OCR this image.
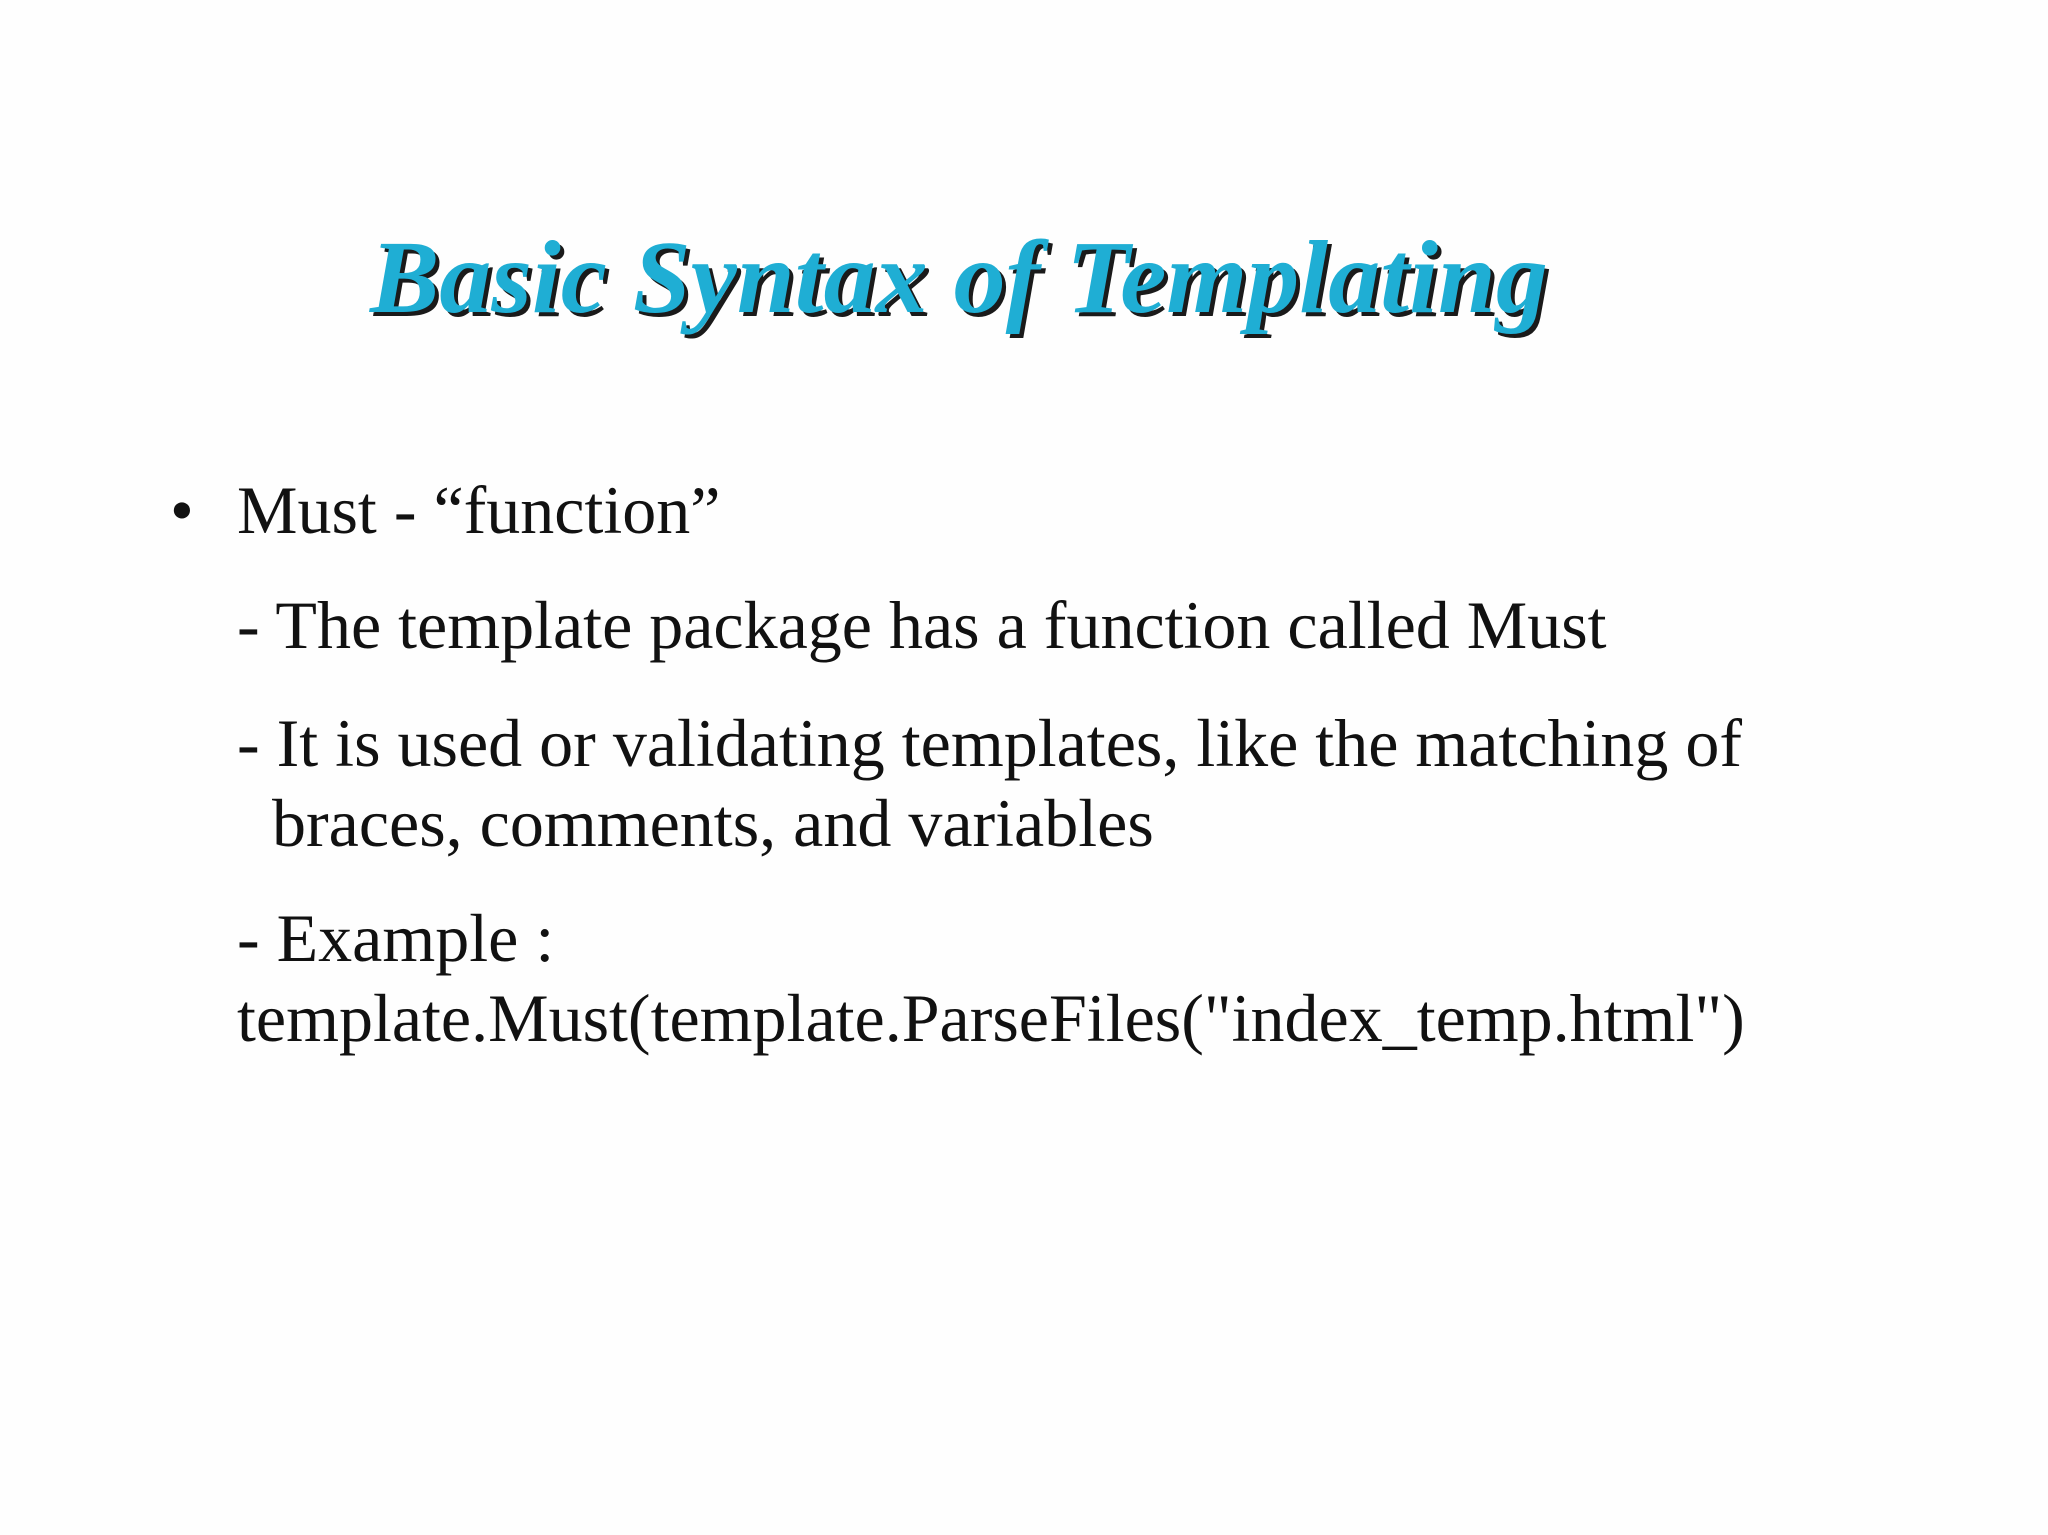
Basic Syntax of Templating
• Must - “function”
- The template package has a function called Must
- It is used or validating templates, like the matching of
braces, comments, and variables
- Example :
template.Must(template.ParseFiles("index_temp.html")
